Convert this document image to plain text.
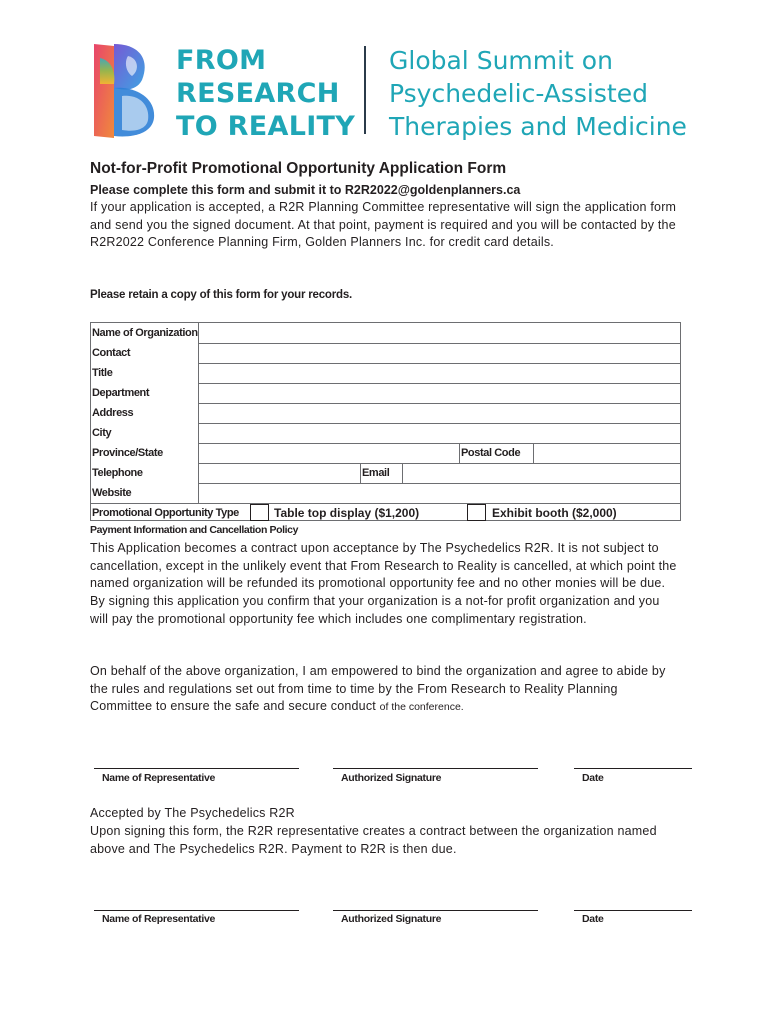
FROM
RESEARCH
TO REALITY
Global Summit on
Psychedelic-Assisted
Therapies and Medicine
Not-for-Profit Promotional Opportunity Application Form
Please complete this form and submit it to R2R2022@goldenplanners.ca
If your application is accepted, a R2R Planning Committee representative will sign the application form and send you the signed document. At that point, payment is required and you will be contacted by the R2R2022 Conference Planning Firm, Golden Planners Inc. for credit card details.
Please retain a copy of this form for your records.
Name of Organization
Contact
Title
Department
Address
City
Province/State	Postal Code
Telephone	Email
Website
Promotional Opportunity Type	Table top display ($1,200)	Exhibit booth ($2,000)
Payment Information and Cancellation Policy
This Application becomes a contract upon acceptance by The Psychedelics R2R. It is not subject to cancellation, except in the unlikely event that From Research to Reality is cancelled, at which point the named organization will be refunded its promotional opportunity fee and no other monies will be due. By signing this application you confirm that your organization is a not-for profit organization and you will pay the promotional opportunity fee which includes one complimentary registration.
On behalf of the above organization, I am empowered to bind the organization and agree to abide by the rules and regulations set out from time to time by the From Research to Reality Planning Committee to ensure the safe and secure conduct of the conference.
Name of Representative	Authorized Signature	Date
Accepted by The Psychedelics R2R
Upon signing this form, the R2R representative creates a contract between the organization named above and The Psychedelics R2R. Payment to R2R is then due.
Name of Representative	Authorized Signature	Date
